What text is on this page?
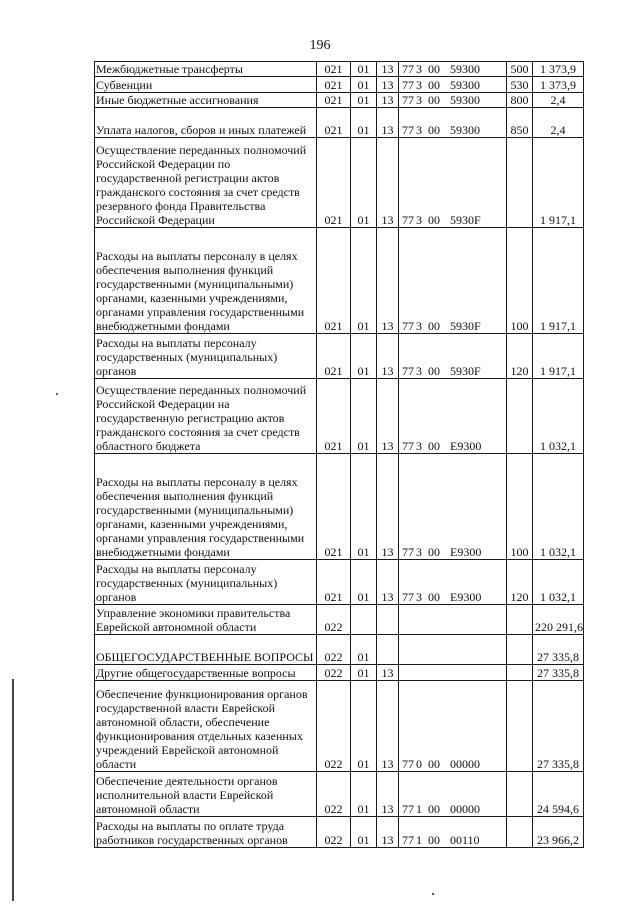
196
Межбюджетные трансферты	021	01	13	77 3 00 59300	500	1 373,9
Субвенции	021	01	13	77 3 00 59300	530	1 373,9
Иные бюджетные ассигнования	021	01	13	77 3 00 59300	800	2,4
Уплата налогов, сборов и иных платежей	021	01	13	77 3 00 59300	850	2,4
Осуществление переданных полномочий Российской Федерации по государственной регистрации актов гражданского состояния за счет средств резервного фонда Правительства Российской Федерации	021	01	13	77 3 00 5930F		1 917,1
Расходы на выплаты персоналу в целях обеспечения выполнения функций государственными (муниципальными) органами, казенными учреждениями, органами управления государственными внебюджетными фондами	021	01	13	77 3 00 5930F	100	1 917,1
Расходы на выплаты персоналу государственных (муниципальных) органов	021	01	13	77 3 00 5930F	120	1 917,1
Осуществление переданных полномочий Российской Федерации на государственную регистрацию актов гражданского состояния за счет средств областного бюджета	021	01	13	77 3 00 Е9300		1 032,1
Расходы на выплаты персоналу в целях обеспечения выполнения функций государственными (муниципальными) органами, казенными учреждениями, органами управления государственными внебюджетными фондами	021	01	13	77 3 00 Е9300	100	1 032,1
Расходы на выплаты персоналу государственных (муниципальных) органов	021	01	13	77 3 00 Е9300	120	1 032,1
Управление экономики правительства Еврейской автономной области	022					220 291,6
ОБЩЕГОСУДАРСТВЕННЫЕ ВОПРОСЫ	022	01				27 335,8
Другие общегосударственные вопросы	022	01	13			27 335,8
Обеспечение функционирования органов государственной власти Еврейской автономной области, обеспечение функционирования отдельных казенных учреждений Еврейской автономной области	022	01	13	77 0 00 00000		27 335,8
Обеспечение деятельности органов исполнительной власти Еврейской автономной области	022	01	13	77 1 00 00000		24 594,6
Расходы на выплаты по оплате труда работников государственных органов	022	01	13	77 1 00 00110		23 966,2
